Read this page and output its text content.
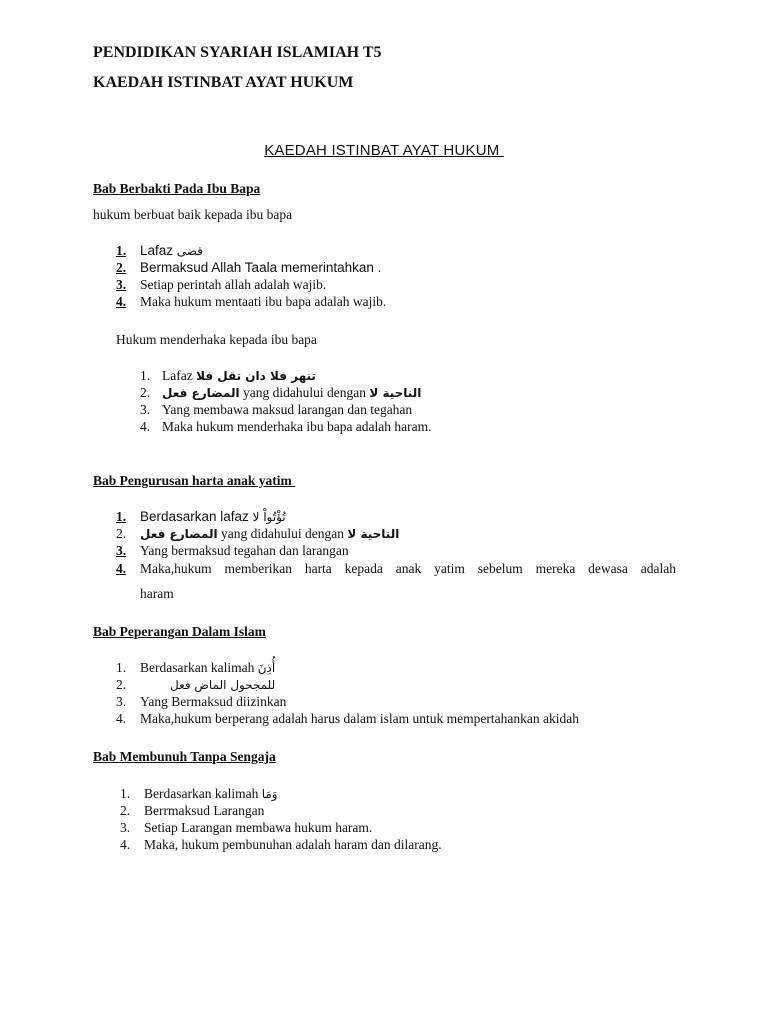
PENDIDIKAN SYARIAH ISLAMIAH T5
KAEDAH ISTINBAT AYAT HUKUM
KAEDAH ISTINBAT AYAT HUKUM
Bab Berbakti Pada Ibu Bapa
hukum berbuat baik kepada ibu bapa
1. Lafaz قضى
2. Bermaksud Allah Taala memerintahkan .
3. Setiap perintah allah adalah wajib.
4. Maka hukum mentaati ibu bapa adalah wajib.
Hukum menderhaka kepada ibu bapa
1. Lafaz تنهر فلا دان تقل فلا
2. المضارع فعل yang didahului dengan الناحية لا
3. Yang membawa maksud larangan dan tegahan
4. Maka hukum menderhaka ibu bapa adalah haram.
Bab Pengurusan harta anak yatim
1. Berdasarkan lafaz تُؤْتُواْ لا
2. المضارع فعل yang didahului dengan الناحية لا
3. Yang bermaksud tegahan dan larangan
4.	Maka,hukum memberikan harta kepada anak yatim sebelum mereka dewasa adalah
haram
Bab Peperangan Dalam Islam
1. Berdasarkan kalimah أُذِنَ
2.	للمجحول الماض فعل
3. Yang Bermaksud diizinkan
4. Maka,hukum berperang adalah harus dalam islam untuk mempertahankan akidah
Bab Membunuh Tanpa Sengaja
1. Berdasarkan kalimah وَمَا
2. Berrmaksud Larangan
3. Setiap Larangan membawa hukum haram.
4. Maka, hukum pembunuhan adalah haram dan dilarang.
